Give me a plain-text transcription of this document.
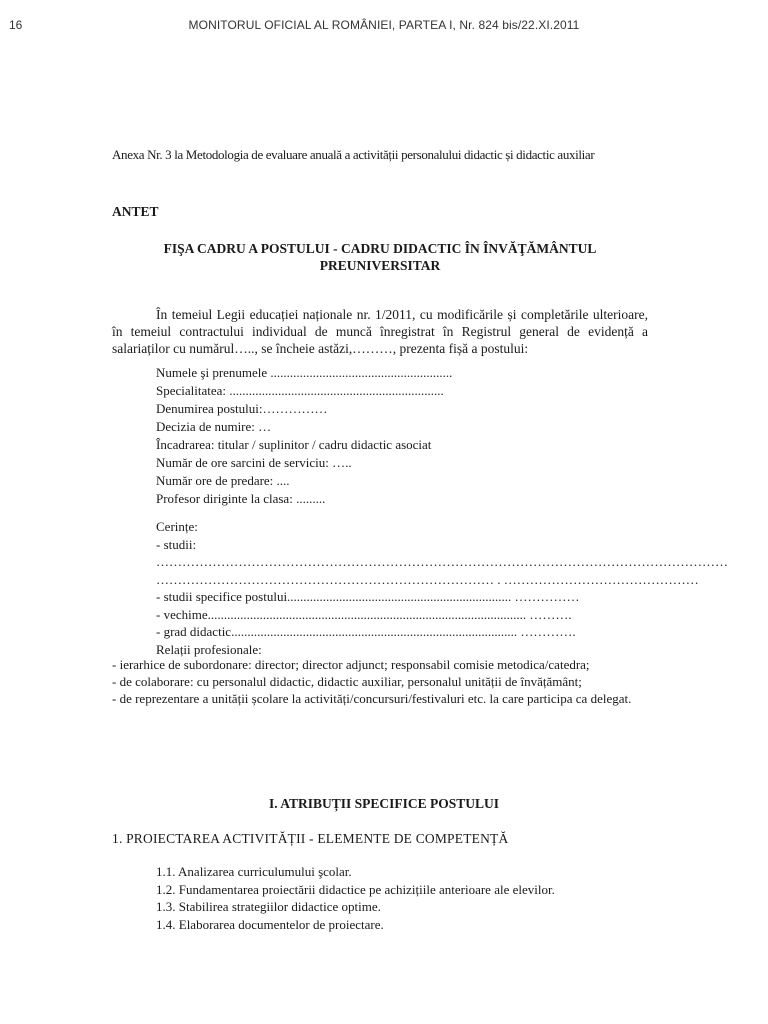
16	MONITORUL OFICIAL AL ROMÂNIEI, PARTEA I, Nr. 824 bis/22.XI.2011
Anexa Nr. 3 la Metodologia de evaluare anuală a activității personalului didactic și didactic auxiliar
ANTET
FIŞA CADRU A POSTULUI - CADRU DIDACTIC ÎN ÎNVĂŢĂMÂNTUL
PREUNIVERSITAR
În temeiul Legii educației naționale nr. 1/2011, cu modificările și completările ulterioare, în temeiul contractului individual de muncă înregistrat în Registrul general de evidență a salariaților cu numărul….., se încheie astăzi,………, prezenta fișă a postului:
Numele şi prenumele ........................................................
Specialitatea: ..................................................................
Denumirea postului:……………
Decizia de numire: …
Încadrarea: titular / suplinitor / cadru didactic asociat
Număr de ore sarcini de serviciu: …..
Număr ore de predare: ....
Profesor diriginte la clasa: .........
Cerințe:
- studii:
……………………………………………………………………………………………………………………
…………………………………………………………………… . ………………………………………
- studii specifice postului..................................................................... ……………
- vechime.................................................................................................. ……….
- grad didactic........................................................................................ ………….
Relații profesionale:
- ierarhice de subordonare: director; director adjunct; responsabil comisie metodica/catedra;
- de colaborare: cu personalul didactic, didactic auxiliar, personalul unității de învățământ;
- de reprezentare a unității școlare la activități/concursuri/festivaluri etc. la care participa ca delegat.
I. ATRIBUȚII SPECIFICE POSTULUI
1. PROIECTAREA ACTIVITĂȚII - ELEMENTE DE COMPETENȚĂ
1.1. Analizarea curriculumului şcolar.
1.2. Fundamentarea proiectării didactice pe achizițiile anterioare ale elevilor.
1.3. Stabilirea strategiilor didactice optime.
1.4. Elaborarea documentelor de proiectare.
